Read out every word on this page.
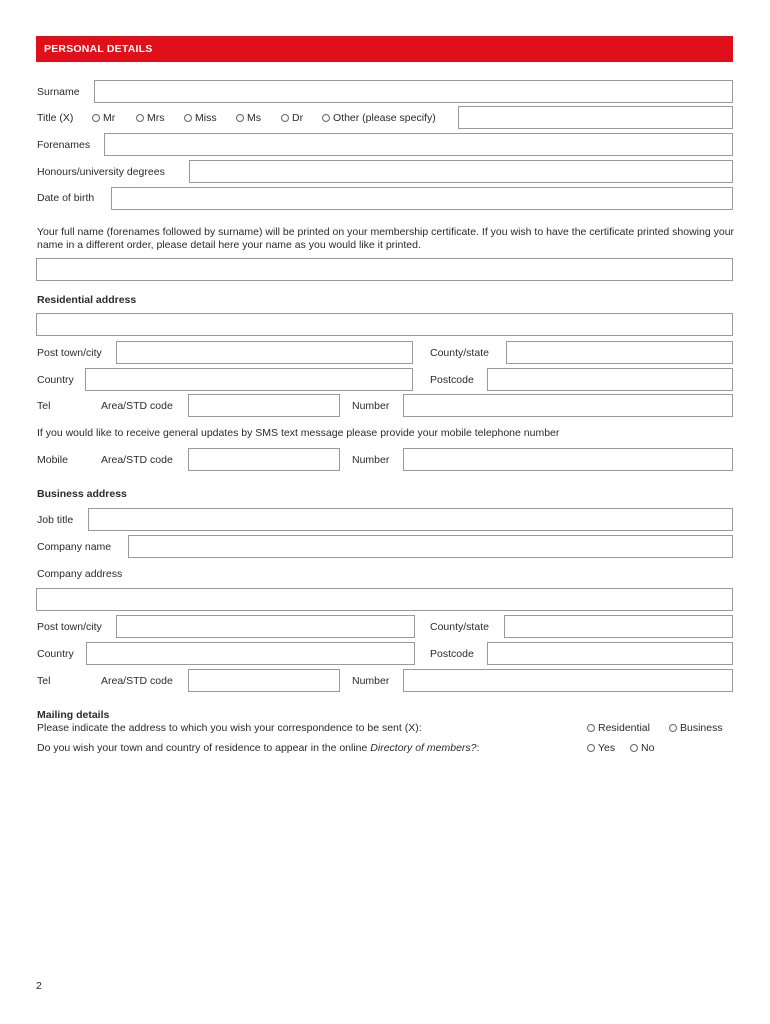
PERSONAL DETAILS
Surname
Title (X)	Mr	Mrs	Miss	Ms	Dr	Other (please specify)
Forenames
Honours/university degrees
Date of birth
Your full name (forenames followed by surname) will be printed on your membership certificate. If you wish to have the certificate printed showing your name in a different order, please detail here your name as you would like it printed.
Residential address
Post town/city	County/state
Country	Postcode
Tel	Area/STD code	Number
If you would like to receive general updates by SMS text message please provide your mobile telephone number
Mobile	Area/STD code	Number
Business address
Job title
Company name
Company address
Post town/city	County/state
Country	Postcode
Tel	Area/STD code	Number
Mailing details
Please indicate the address to which you wish your correspondence to be sent (X):	Residential	Business
Do you wish your town and country of residence to appear in the online Directory of members?:	Yes	No
2
